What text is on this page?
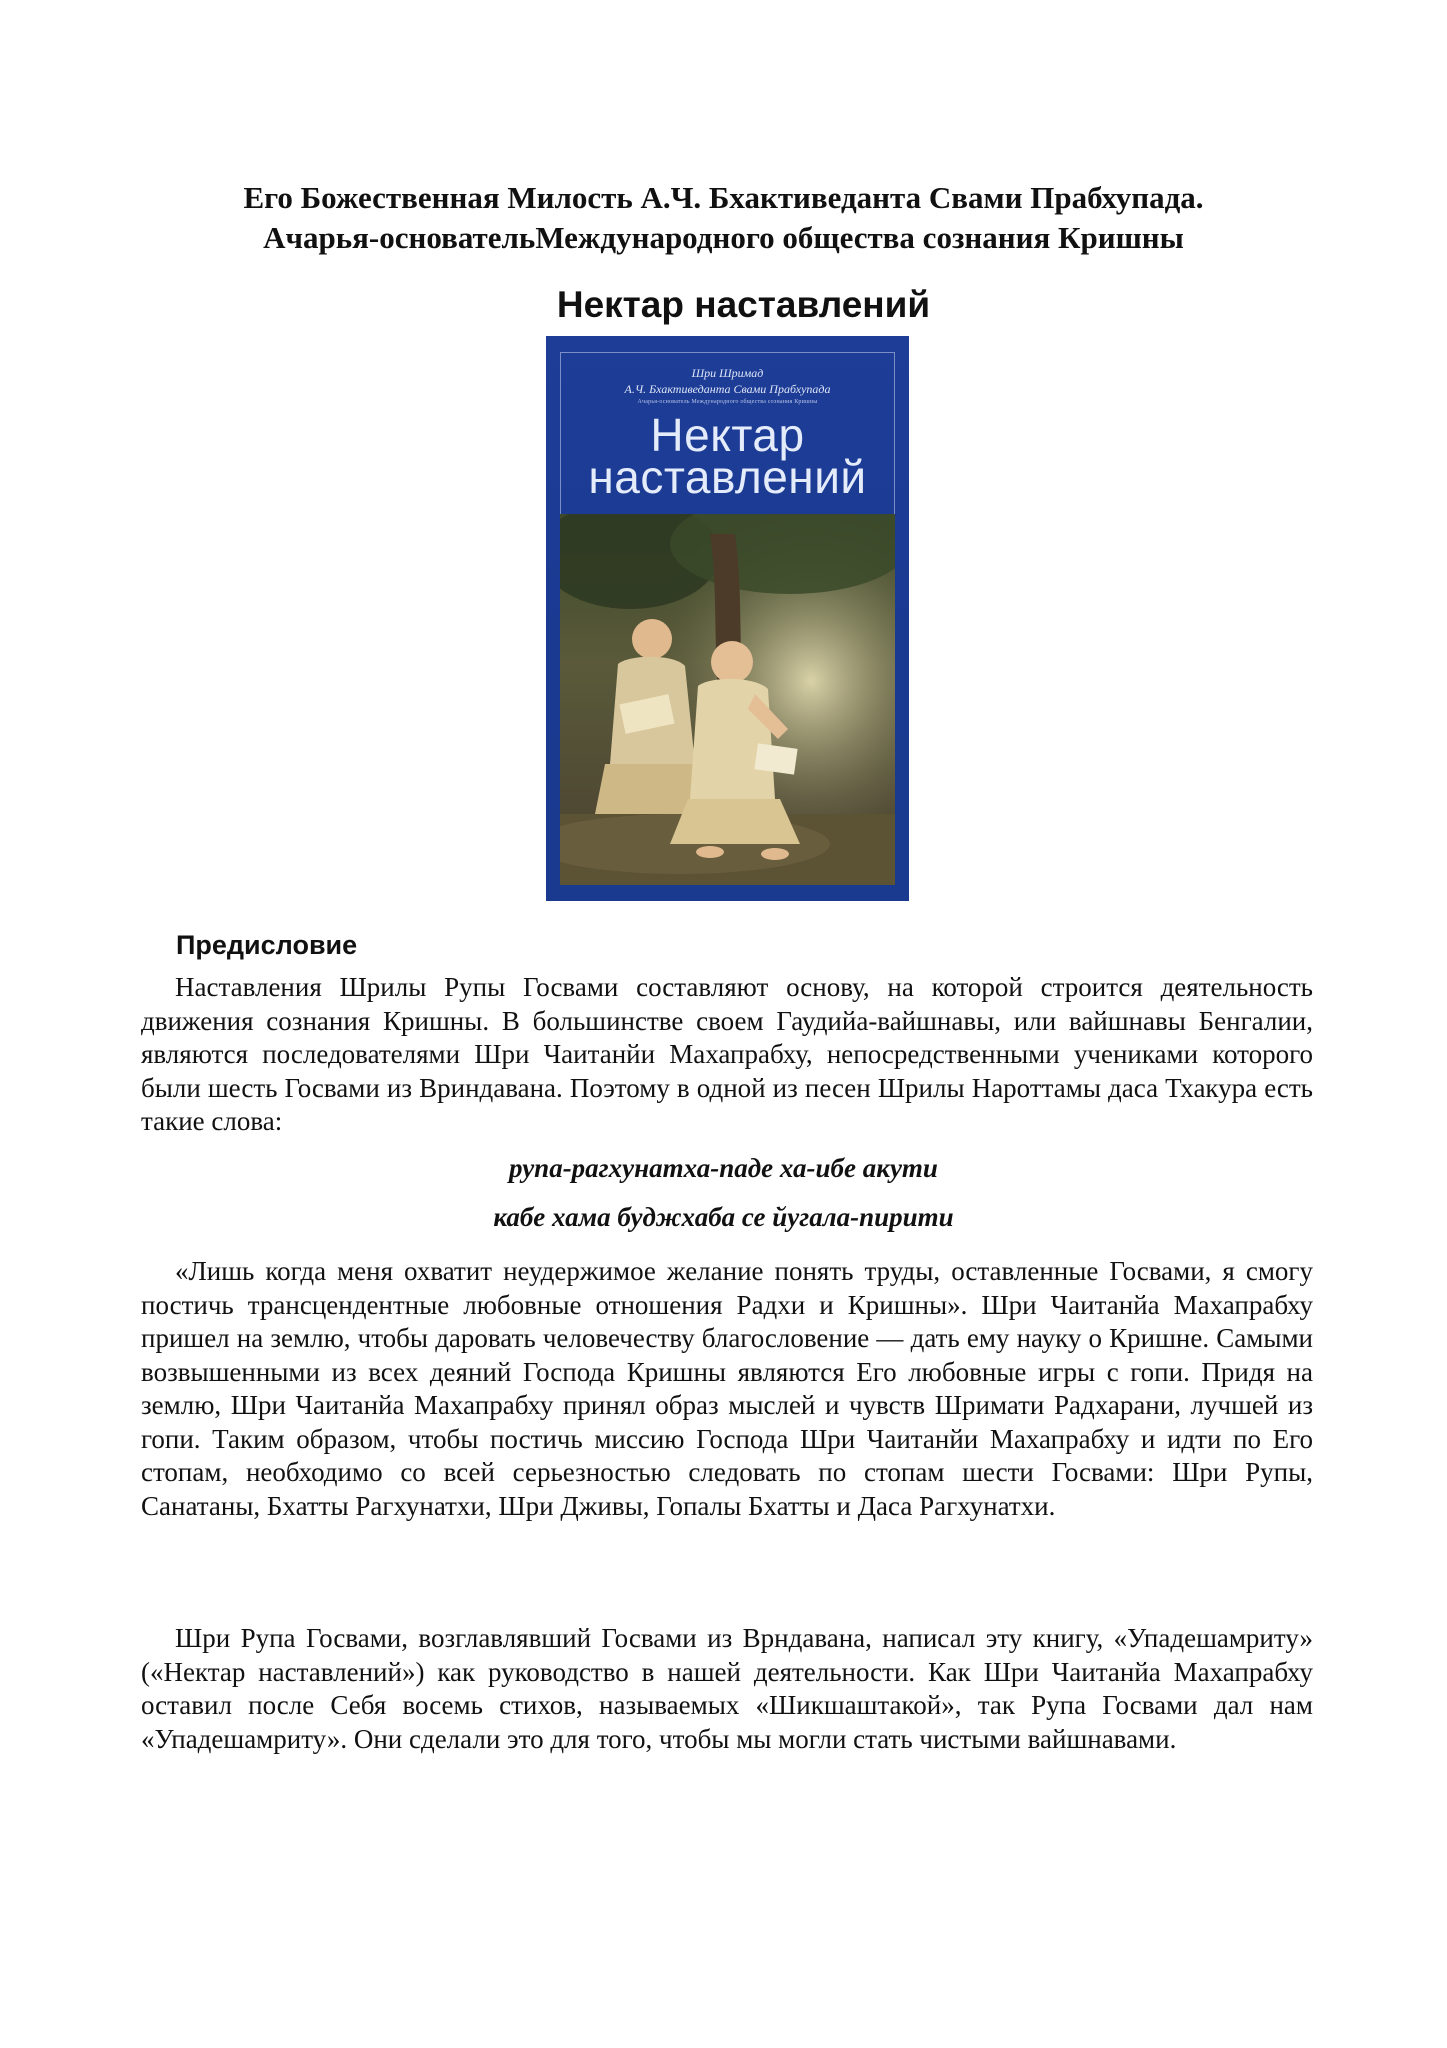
Его Божественная Милость А.Ч. Бхактиведанта Свами Прабхупада.
Ачарья-основательМеждународного общества сознания Кришны
Нектар наставлений
Шри Шримад
А.Ч. Бхактиведанта Свами Прабхупада
Ачарья-основатель Международного общества сознания Кришны
Нектар
наставлений
Предисловие

Наставления Шрилы Рупы Госвами составляют основу, на которой строится деятельность движения сознания Кришны. В большинстве своем Гаудийа-вайшнавы, или вайшнавы Бенгалии, являются последователями Шри Чаитанйи Махапрабху, непосредственными учениками которого были шесть Госвами из Вриндавана. Поэтому в одной из песен Шрилы Нароттамы даса Тхакура есть такие слова:

рупа-рагхунатха-паде ха-ибе акути
кабе хама буджхаба се йугала-пирити

«Лишь когда меня охватит неудержимое желание понять труды, оставленные Госвами, я смогу постичь трансцендентные любовные отношения Радхи и Кришны». Шри Чаитанйа Махапрабху пришел на землю, чтобы даровать человечеству благословение — дать ему науку о Кришне. Самыми возвышенными из всех деяний Господа Кришны являются Его любовные игры с гопи. Придя на землю, Шри Чаитанйа Махапрабху принял образ мыслей и чувств Шримати Радхарани, лучшей из гопи. Таким образом, чтобы постичь миссию Господа Шри Чаитанйи Махапрабху и идти по Его стопам, необходимо со всей серьезностью следовать по стопам шести Госвами: Шри Рупы, Санатаны, Бхатты Рагхунатхи, Шри Дживы, Гопалы Бхатты и Даса Рагхунатхи.

Шри Рупа Госвами, возглавлявший Госвами из Врндавана, написал эту книгу, «Упадешамриту» («Нектар наставлений») как руководство в нашей деятельности. Как Шри Чаитанйа Махапрабху оставил после Себя восемь стихов, называемых «Шикшаштакой», так Рупа Госвами дал нам «Упадешамриту». Они сделали это для того, чтобы мы могли стать чистыми вайшнавами.
